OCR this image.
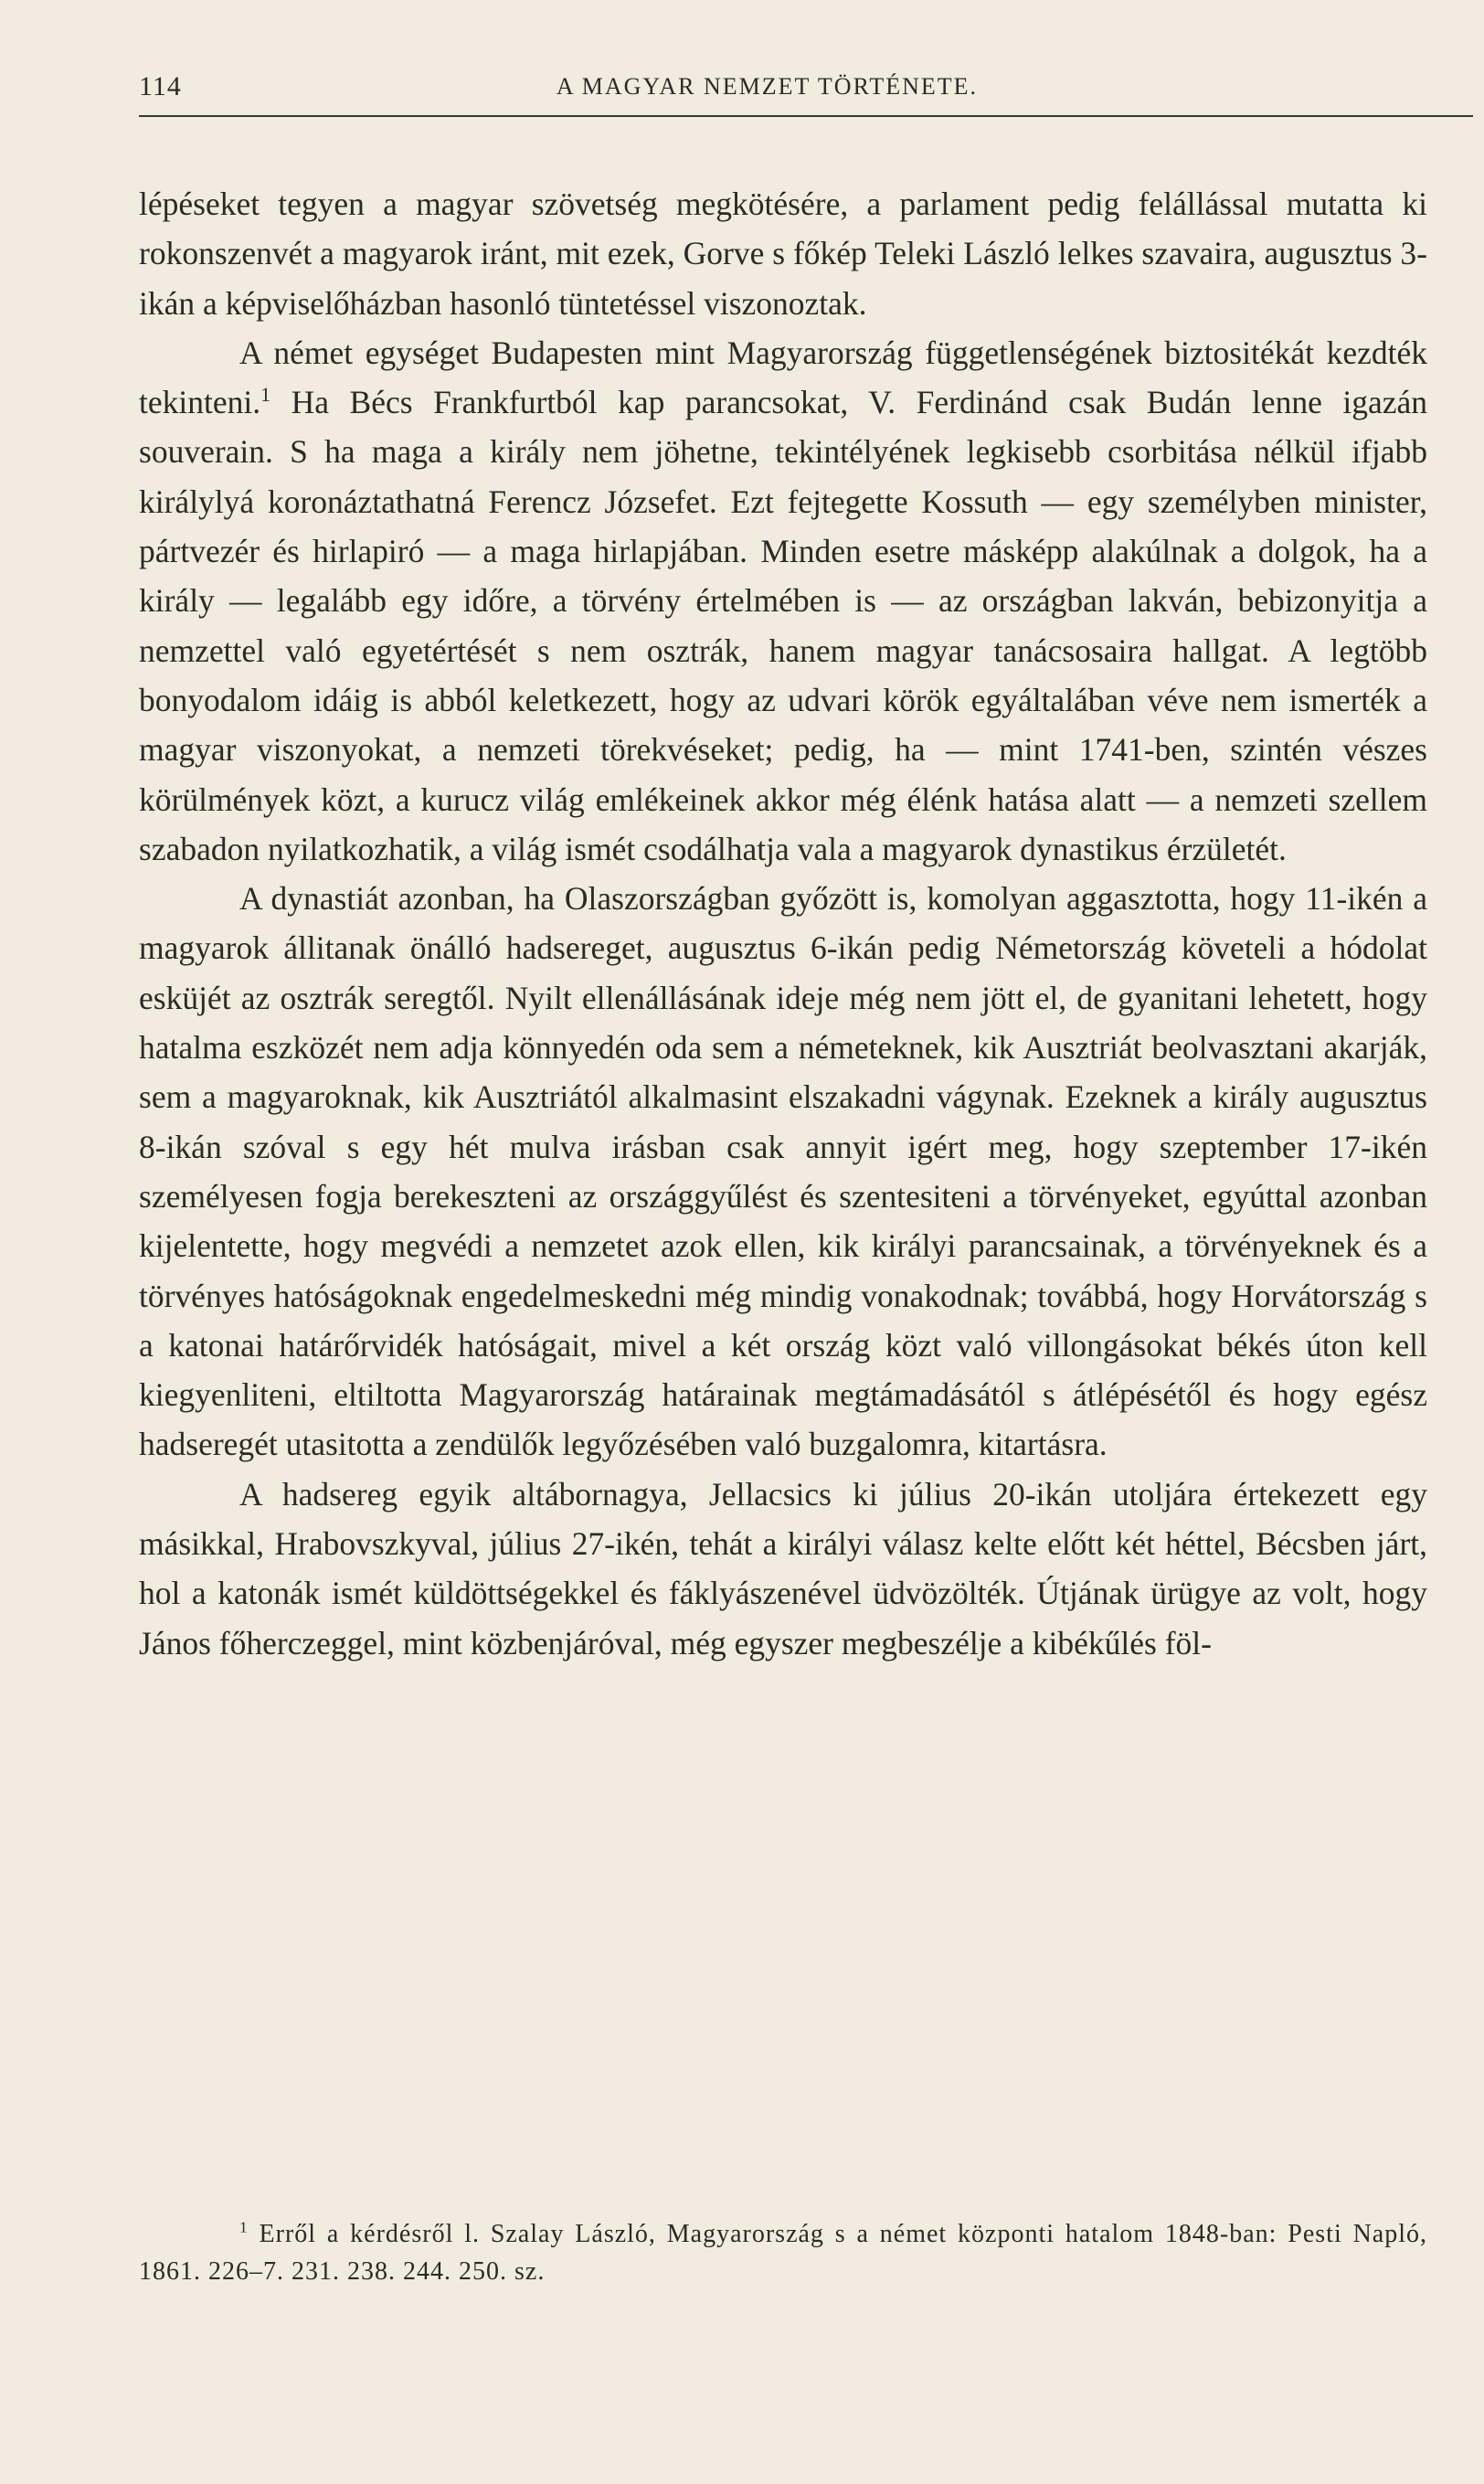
114	A MAGYAR NEMZET TÖRTÉNETE.

lépéseket tegyen a magyar szövetség megkötésére, a parlament pedig felállással mutatta ki rokonszenvét a magyarok iránt, mit ezek, Gorve s főkép Teleki László lelkes szavaira, augusztus 3-ikán a képviselőházban hasonló tüntetéssel viszonoztak.

A német egységet Budapesten mint Magyarország függetlenségének biztositékát kezdték tekinteni.$^1$ Ha Bécs Frankfurtból kap parancsokat, V. Ferdinánd csak Budán lenne igazán souverain. S ha maga a király nem jöhetne, tekintélyének legkisebb csorbitása nélkül ifjabb királylyá koronáztathatná Ferencz Józsefet. Ezt fejtegette Kossuth — egy személyben minister, pártvezér és hirlapiró — a maga hirlapjában. Minden esetre másképp alakúlnak a dolgok, ha a király — legalább egy időre, a törvény értelmében is — az országban lakván, bebizonyitja a nemzettel való egyetértését s nem osztrák, hanem magyar tanácsosaira hallgat. A legtöbb bonyodalom idáig is abból keletkezett, hogy az udvari körök egyáltalában véve nem ismerték a magyar viszonyokat, a nemzeti törekvéseket; pedig, ha — mint 1741-ben, szintén vészes körülmények közt, a kurucz világ emlékeinek akkor még élénk hatása alatt — a nemzeti szellem szabadon nyilatkozhatik, a világ ismét csodálhatja vala a magyarok dynastikus érzületét.

A dynastiát azonban, ha Olaszországban győzött is, komolyan aggasztotta, hogy 11-ikén a magyarok állitanak önálló hadsereget, augusztus 6-ikán pedig Németország követeli a hódolat esküjét az osztrák seregtől. Nyilt ellenállásának ideje még nem jött el, de gyanitani lehetett, hogy hatalma eszközét nem adja könnyedén oda sem a németeknek, kik Ausztriát beolvasztani akarják, sem a magyaroknak, kik Ausztriától alkalmasint elszakadni vágynak. Ezeknek a király augusztus 8-ikán szóval s egy hét mulva irásban csak annyit igért meg, hogy szeptember 17-ikén személyesen fogja berekeszteni az országgyűlést és szentesiteni a törvényeket, egyúttal azonban kijelentette, hogy megvédi a nemzetet azok ellen, kik királyi parancsainak, a törvényeknek és a törvényes hatóságoknak engedelmeskedni még mindig vonakodnak; továbbá, hogy Horvátország s a katonai határőrvidék hatóságait, mivel a két ország közt való villongásokat békés úton kell kiegyenliteni, eltiltotta Magyarország határainak megtámadásától s átlépésétől és hogy egész hadseregét utasitotta a zendülők legyőzésében való buzgalomra, kitartásra.

A hadsereg egyik altábornagya, Jellacsics ki július 20-ikán utoljára értekezett egy másikkal, Hrabovszkyval, július 27-ikén, tehát a királyi válasz kelte előtt két héttel, Bécsben járt, hol a katonák ismét küldöttségekkel és fáklyászenével üdvözölték. Útjának ürügye az volt, hogy János főherczeggel, mint közbenjáróval, még egyszer megbeszélje a kibékűlés föl-

$^1$ Erről a kérdésről l. Szalay László, Magyarország s a német központi hatalom 1848-ban: Pesti Napló, 1861. 226–7. 231. 238. 244. 250. sz.
